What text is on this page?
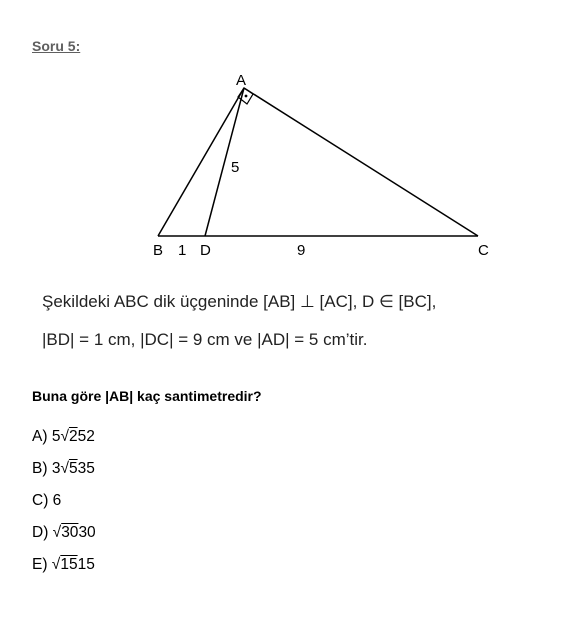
Soru 5:
A
B	C
D
1	9
5
Şekildeki ABC dik üçgeninde [AB] ⊥ [AC], D ∈ [BC],
|BD| = 1 cm, |DC| = 9 cm ve |AD| = 5 cm’tir.
Buna göre |AB| kaç santimetredir?
A) 5√252
B) 3√535
C) 6
D) √3030
E) √1515
